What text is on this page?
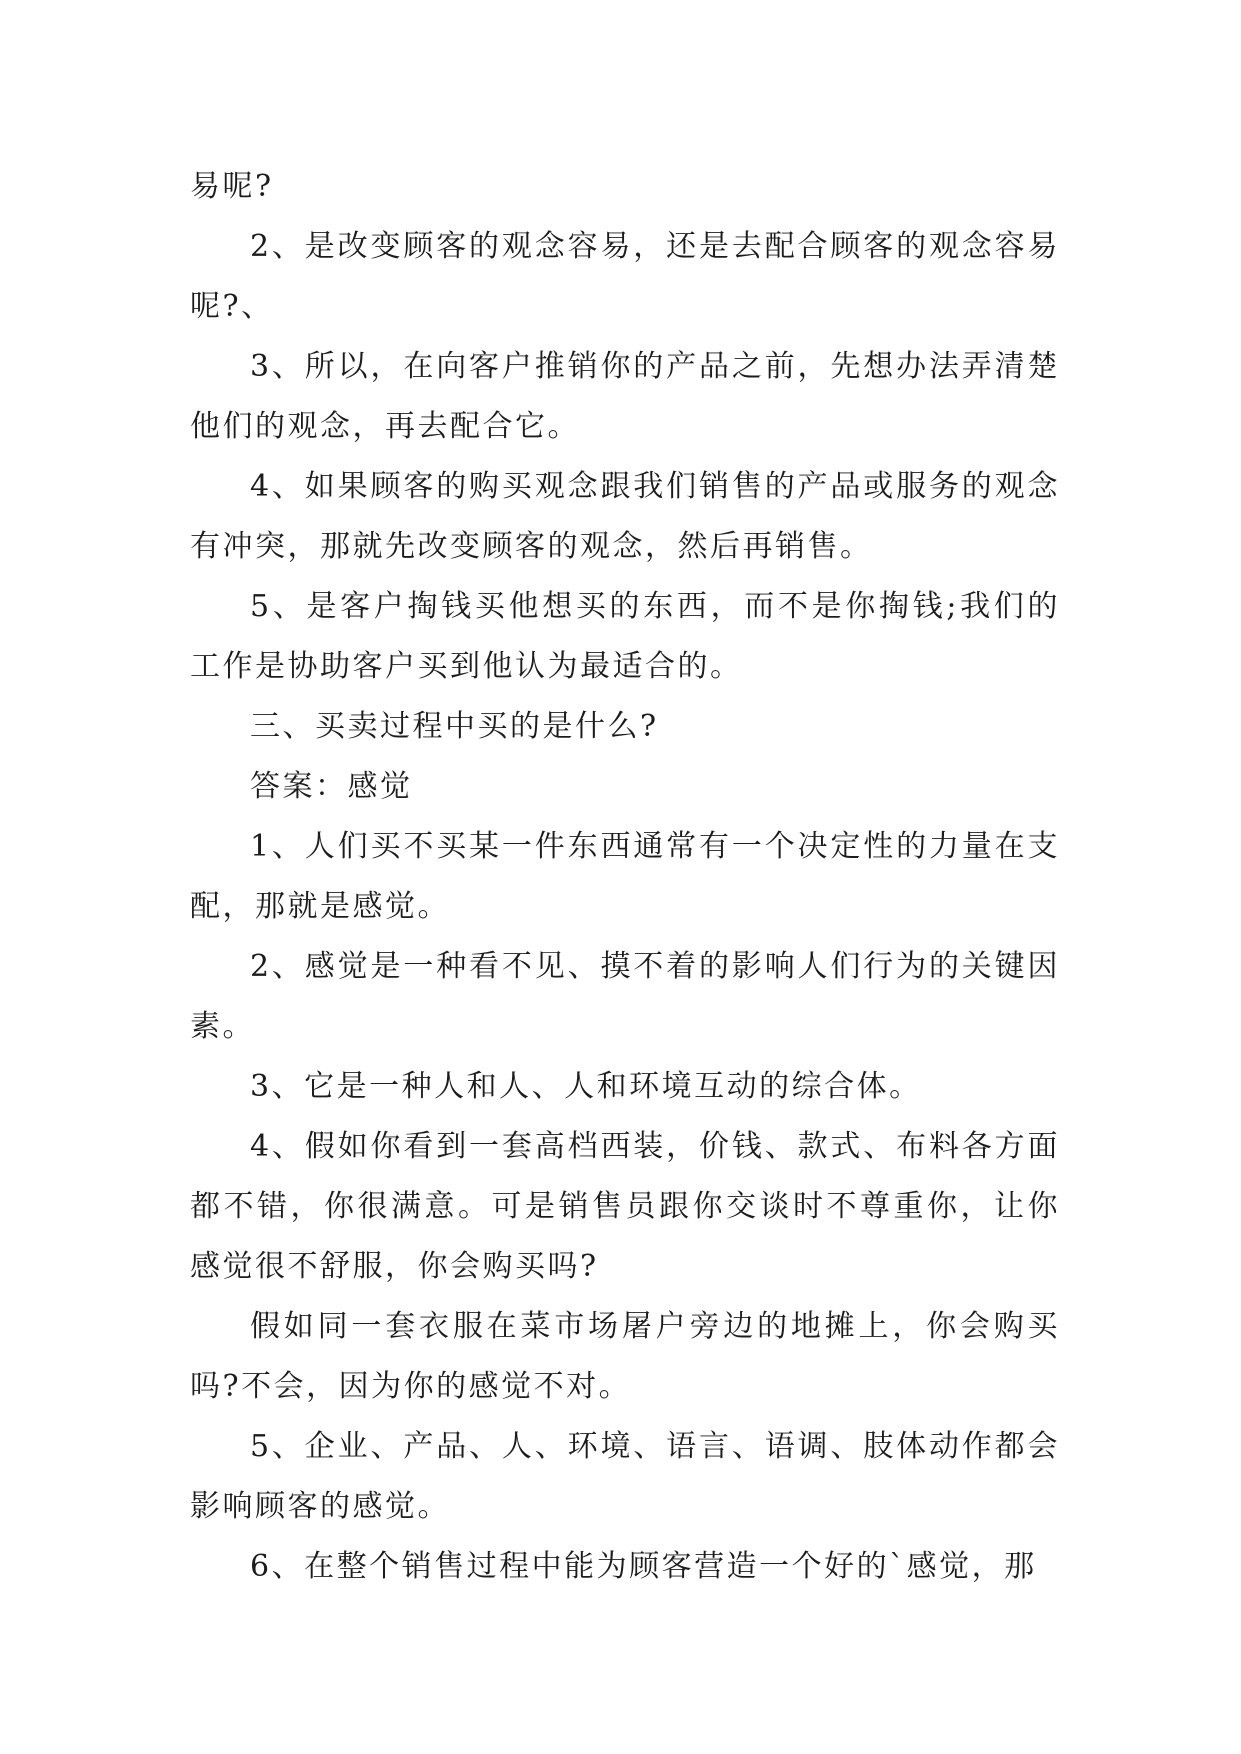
易呢?

2、是改变顾客的观念容易，还是去配合顾客的观念容易呢?、

3、所以，在向客户推销你的产品之前，先想办法弄清楚他们的观念，再去配合它。

4、如果顾客的购买观念跟我们销售的产品或服务的观念有冲突，那就先改变顾客的观念，然后再销售。

5、是客户掏钱买他想买的东西，而不是你掏钱;我们的工作是协助客户买到他认为最适合的。

三、买卖过程中买的是什么?

答案：感觉

1、人们买不买某一件东西通常有一个决定性的力量在支配，那就是感觉。

2、感觉是一种看不见、摸不着的影响人们行为的关键因素。

3、它是一种人和人、人和环境互动的综合体。

4、假如你看到一套高档西装，价钱、款式、布料各方面都不错，你很满意。可是销售员跟你交谈时不尊重你，让你感觉很不舒服，你会购买吗?

假如同一套衣服在菜市场屠户旁边的地摊上，你会购买吗?不会，因为你的感觉不对。

5、企业、产品、人、环境、语言、语调、肢体动作都会影响顾客的感觉。

6、在整个销售过程中能为顾客营造一个好的`感觉，那
